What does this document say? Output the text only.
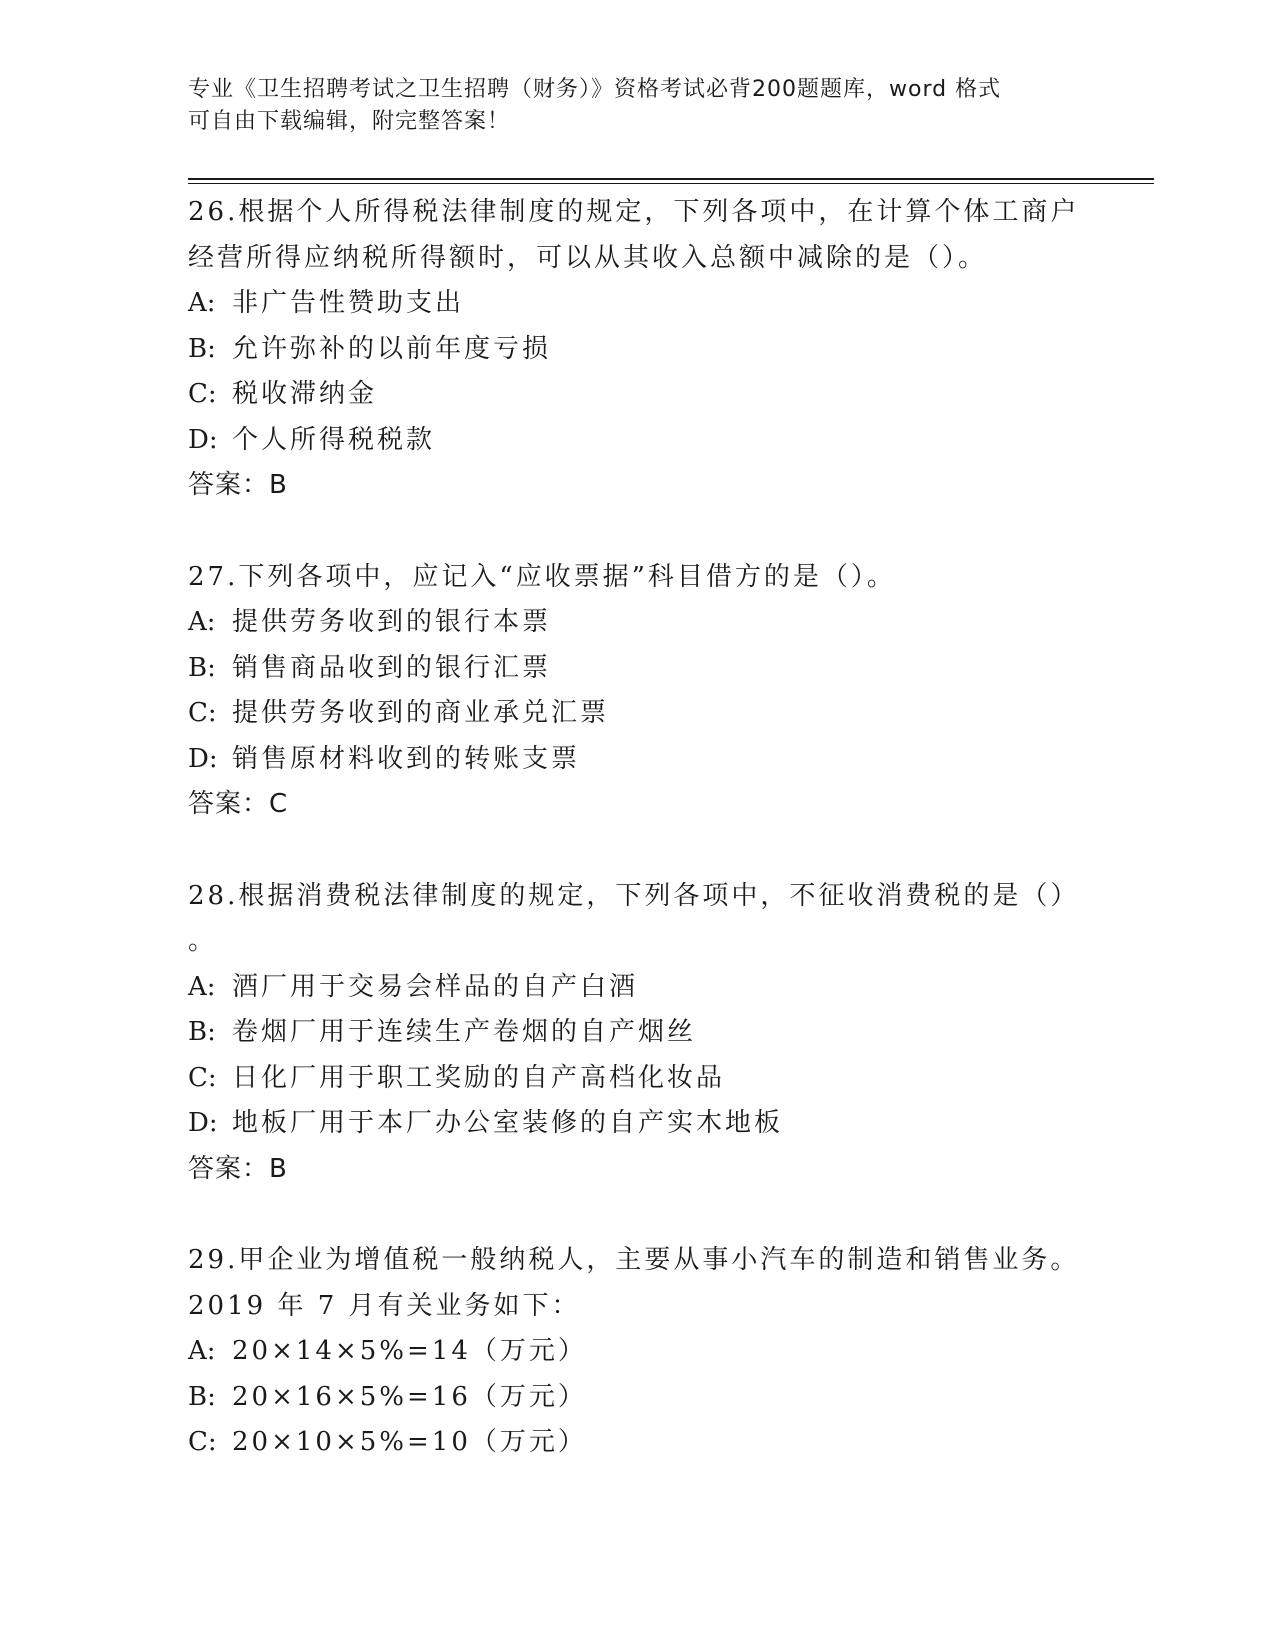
专业《卫生招聘考试之卫生招聘（财务）》资格考试必背200题题库，word 格式
可自由下载编辑，附完整答案！
26.根据个人所得税法律制度的规定，下列各项中，在计算个体工商户
经营所得应纳税所得额时，可以从其收入总额中减除的是（）。
A: 非广告性赞助支出
B: 允许弥补的以前年度亏损
C: 税收滞纳金
D: 个人所得税税款
答案：B
27.下列各项中，应记入“应收票据”科目借方的是（）。
A: 提供劳务收到的银行本票
B: 销售商品收到的银行汇票
C: 提供劳务收到的商业承兑汇票
D: 销售原材料收到的转账支票
答案：C
28.根据消费税法律制度的规定，下列各项中，不征收消费税的是（）
。
A: 酒厂用于交易会样品的自产白酒
B: 卷烟厂用于连续生产卷烟的自产烟丝
C: 日化厂用于职工奖励的自产高档化妆品
D: 地板厂用于本厂办公室装修的自产实木地板
答案：B
29.甲企业为增值税一般纳税人，主要从事小汽车的制造和销售业务。
2019 年 7 月有关业务如下：
A: 20×14×5%=14（万元）
B: 20×16×5%=16（万元）
C: 20×10×5%=10（万元）
